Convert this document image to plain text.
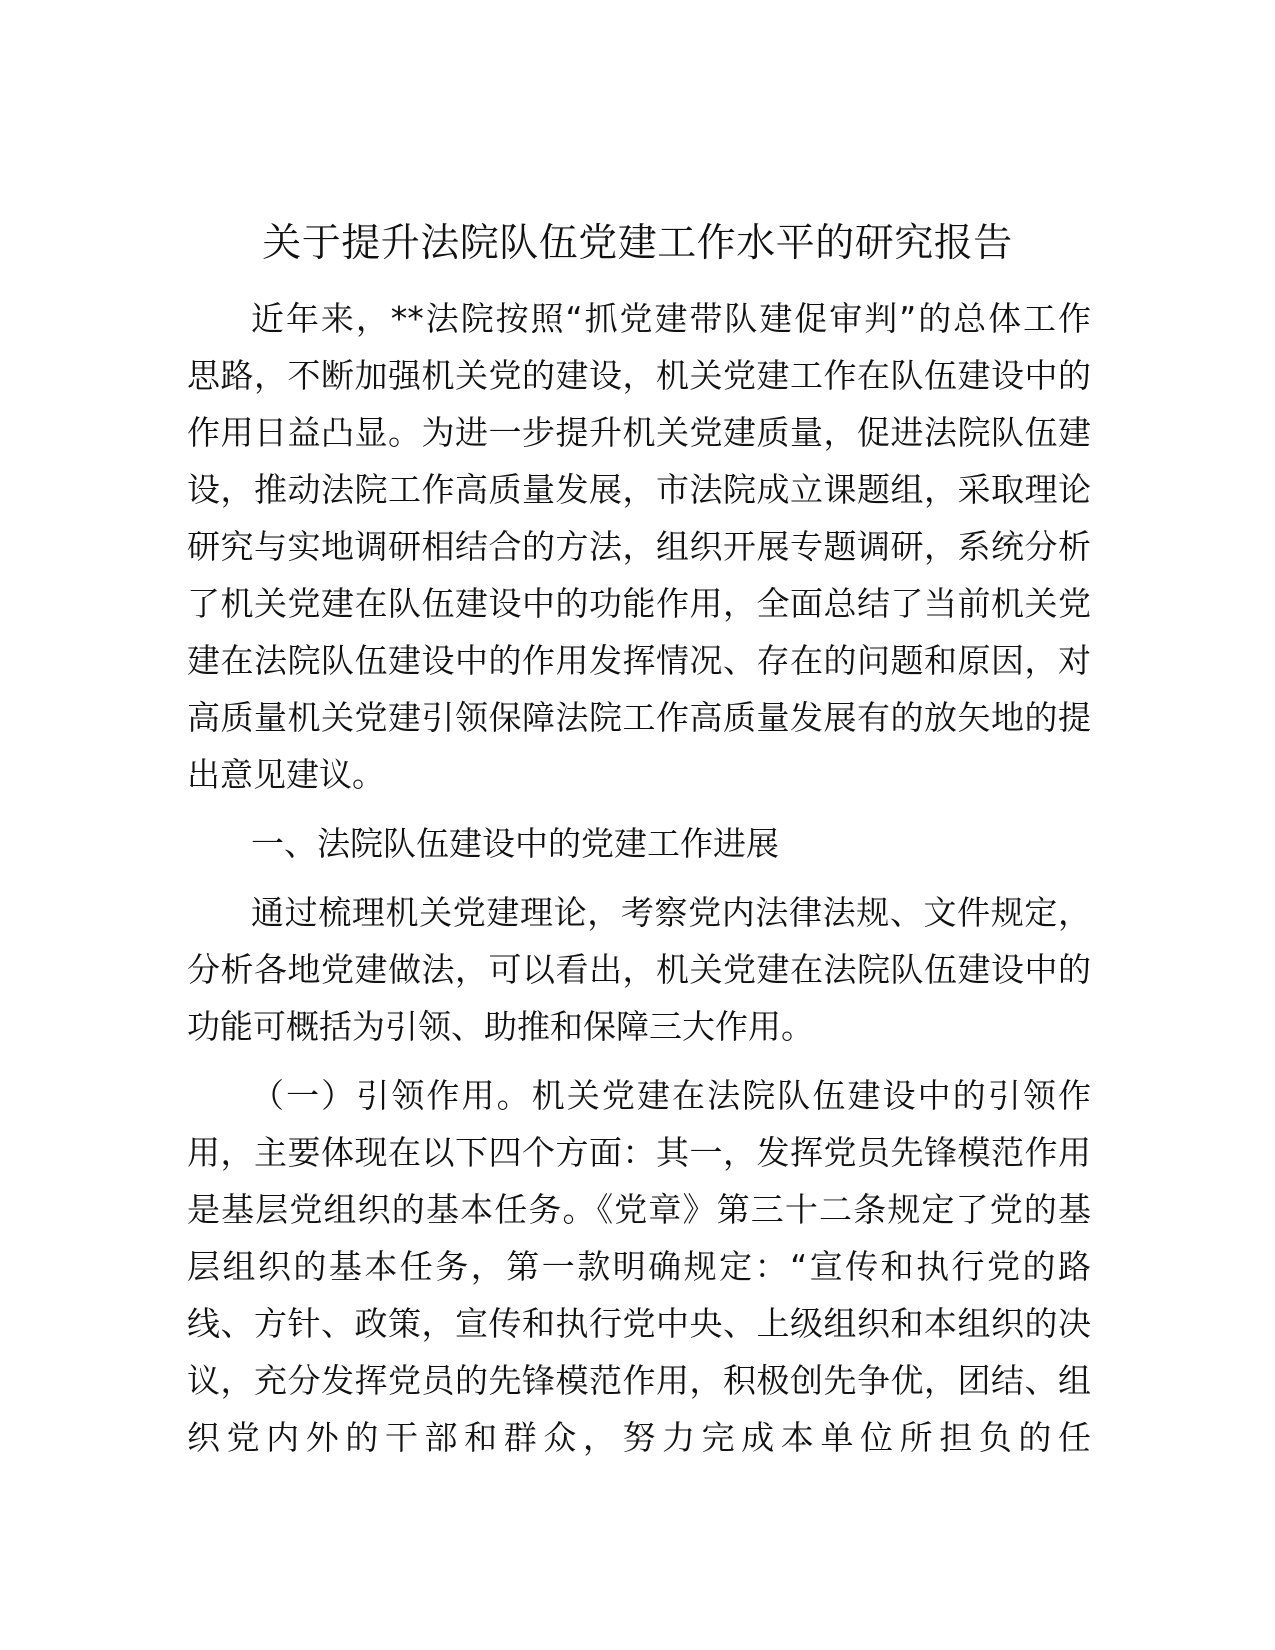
关于提升法院队伍党建工作水平的研究报告
近年来，**法院按照“抓党建带队建促审判”的总体工作
思路，不断加强机关党的建设，机关党建工作在队伍建设中的
作用日益凸显。为进一步提升机关党建质量，促进法院队伍建
设，推动法院工作高质量发展，市法院成立课题组，采取理论
研究与实地调研相结合的方法，组织开展专题调研，系统分析
了机关党建在队伍建设中的功能作用，全面总结了当前机关党
建在法院队伍建设中的作用发挥情况、存在的问题和原因，对
高质量机关党建引领保障法院工作高质量发展有的放矢地的提
出意见建议。
一、法院队伍建设中的党建工作进展
通过梳理机关党建理论，考察党内法律法规、文件规定，
分析各地党建做法，可以看出，机关党建在法院队伍建设中的
功能可概括为引领、助推和保障三大作用。
（一）引领作用。机关党建在法院队伍建设中的引领作
用，主要体现在以下四个方面：其一，发挥党员先锋模范作用
是基层党组织的基本任务。《党章》第三十二条规定了党的基
层组织的基本任务，第一款明确规定：“宣传和执行党的路
线、方针、政策，宣传和执行党中央、上级组织和本组织的决
议，充分发挥党员的先锋模范作用，积极创先争优，团结、组
织党内外的干部和群众，努力完成本单位所担负的任
